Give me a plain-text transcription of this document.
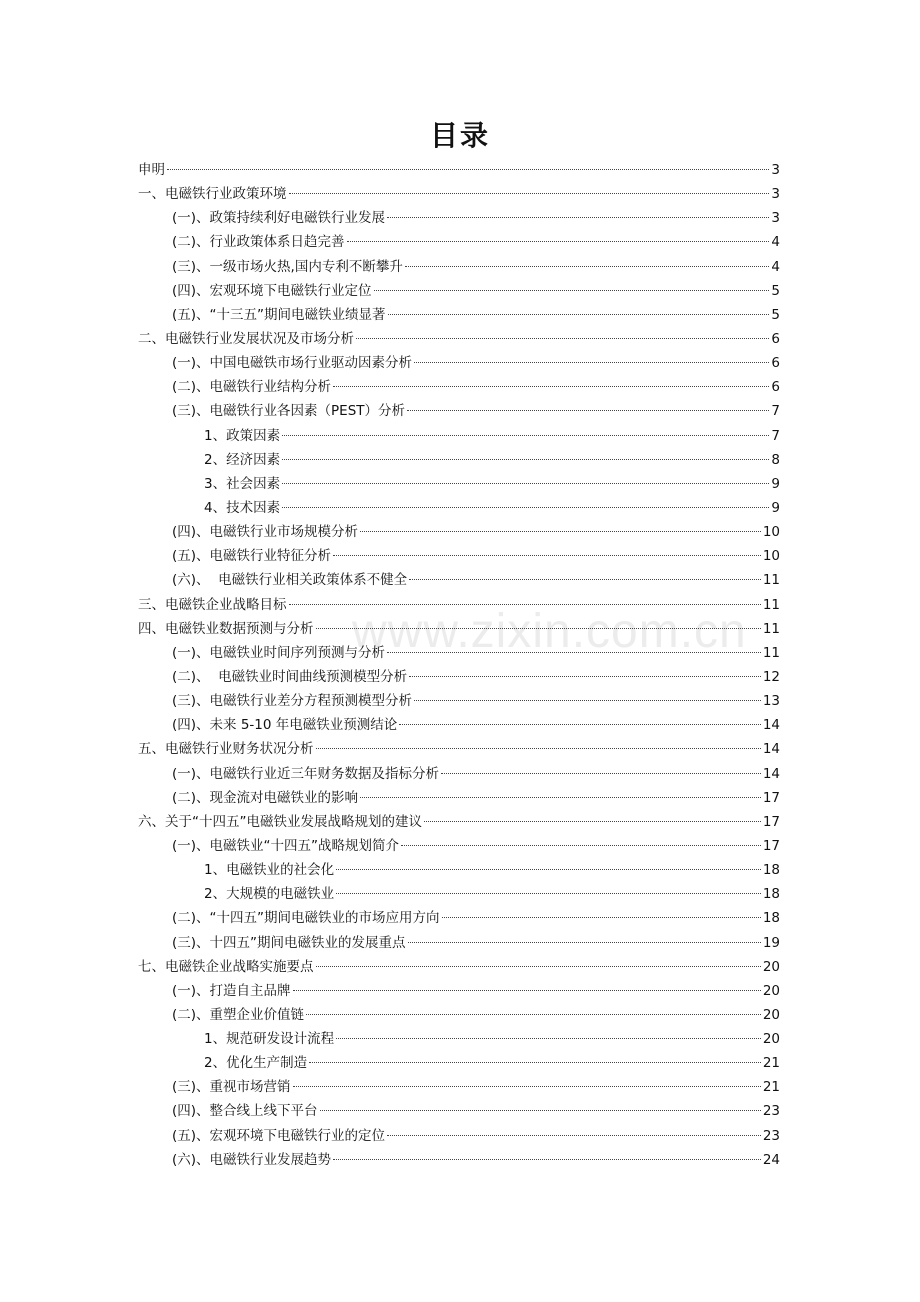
www.zixin.com.cn
目录
申明	3
一、电磁铁行业政策环境	3
(一)、政策持续利好电磁铁行业发展	3
(二)、行业政策体系日趋完善	4
(三)、一级市场火热,国内专利不断攀升	4
(四)、宏观环境下电磁铁行业定位	5
(五)、“十三五”期间电磁铁业绩显著	5
二、电磁铁行业发展状况及市场分析	6
(一)、中国电磁铁市场行业驱动因素分析	6
(二)、电磁铁行业结构分析	6
(三)、电磁铁行业各因素（PEST）分析	7
1、政策因素	7
2、经济因素	8
3、社会因素	9
4、技术因素	9
(四)、电磁铁行业市场规模分析	10
(五)、电磁铁行业特征分析	10
(六)、  电磁铁行业相关政策体系不健全	11
三、电磁铁企业战略目标	11
四、电磁铁业数据预测与分析	11
(一)、电磁铁业时间序列预测与分析	11
(二)、  电磁铁业时间曲线预测模型分析	12
(三)、电磁铁行业差分方程预测模型分析	13
(四)、未来 5-10 年电磁铁业预测结论	14
五、电磁铁行业财务状况分析	14
(一)、电磁铁行业近三年财务数据及指标分析	14
(二)、现金流对电磁铁业的影响	17
六、关于“十四五”电磁铁业发展战略规划的建议	17
(一)、电磁铁业“十四五”战略规划简介	17
1、电磁铁业的社会化	18
2、大规模的电磁铁业	18
(二)、“十四五”期间电磁铁业的市场应用方向	18
(三)、十四五”期间电磁铁业的发展重点	19
七、电磁铁企业战略实施要点	20
(一)、打造自主品牌	20
(二)、重塑企业价值链	20
1、规范研发设计流程	20
2、优化生产制造	21
(三)、重视市场营销	21
(四)、整合线上线下平台	23
(五)、宏观环境下电磁铁行业的定位	23
(六)、电磁铁行业发展趋势	24
